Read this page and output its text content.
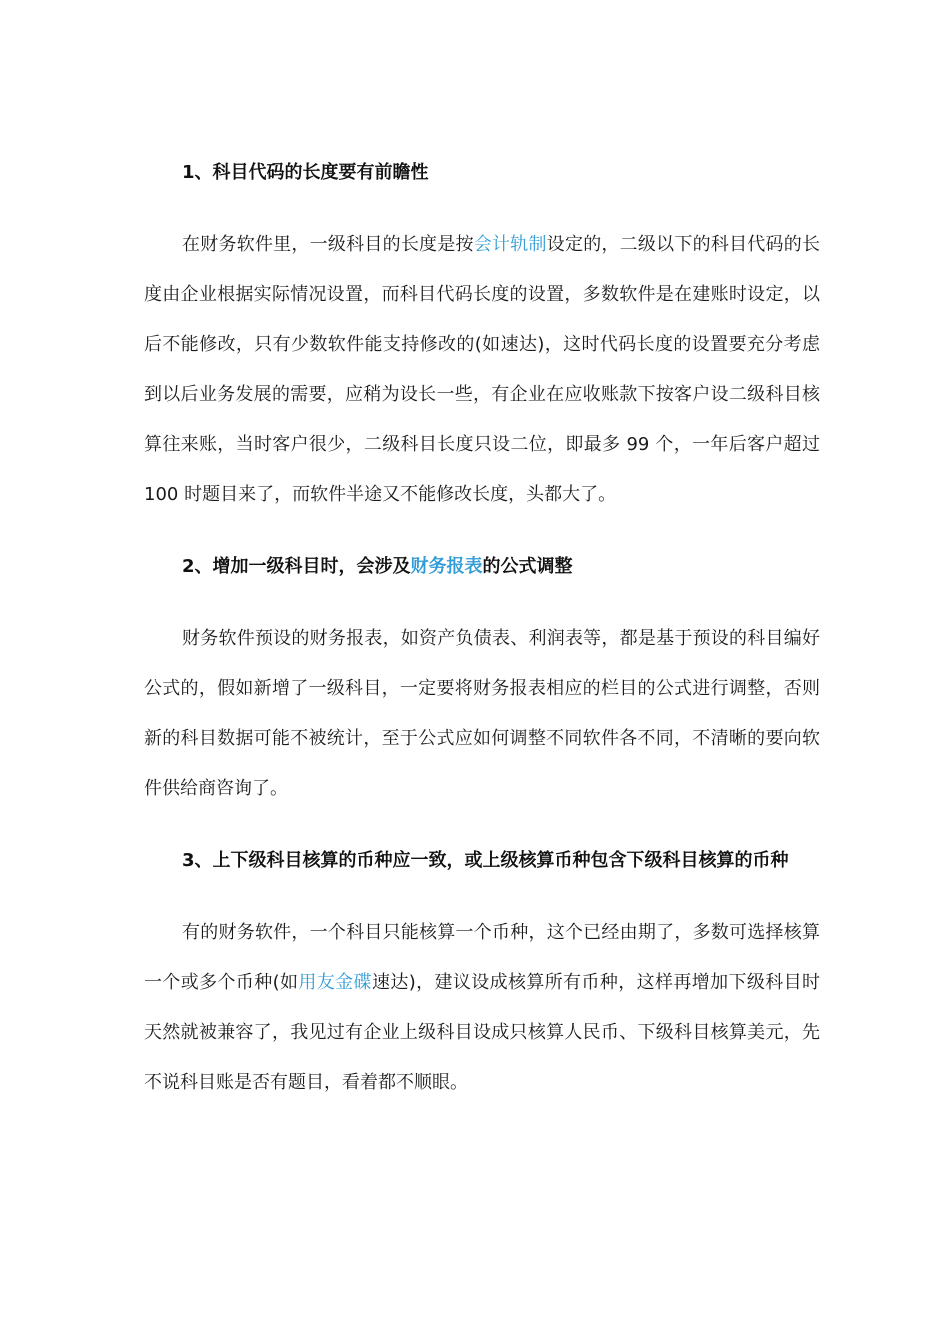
1、科目代码的长度要有前瞻性

在财务软件里，一级科目的长度是按会计轨制设定的，二级以下的科目代码的长度由企业根据实际情况设置，而科目代码长度的设置，多数软件是在建账时设定，以后不能修改，只有少数软件能支持修改的(如速达)，这时代码长度的设置要充分考虑到以后业务发展的需要，应稍为设长一些，有企业在应收账款下按客户设二级科目核算往来账，当时客户很少，二级科目长度只设二位，即最多 99 个，一年后客户超过 100 时题目来了，而软件半途又不能修改长度，头都大了。

2、增加一级科目时，会涉及财务报表的公式调整

财务软件预设的财务报表，如资产负债表、利润表等，都是基于预设的科目编好公式的，假如新增了一级科目，一定要将财务报表相应的栏目的公式进行调整，否则新的科目数据可能不被统计，至于公式应如何调整不同软件各不同，不清晰的要向软件供给商咨询了。

3、上下级科目核算的币种应一致，或上级核算币种包含下级科目核算的币种

有的财务软件，一个科目只能核算一个币种，这个已经由期了，多数可选择核算一个或多个币种(如用友金碟速达)，建议设成核算所有币种，这样再增加下级科目时天然就被兼容了，我见过有企业上级科目设成只核算人民币、下级科目核算美元，先不说科目账是否有题目，看着都不顺眼。
